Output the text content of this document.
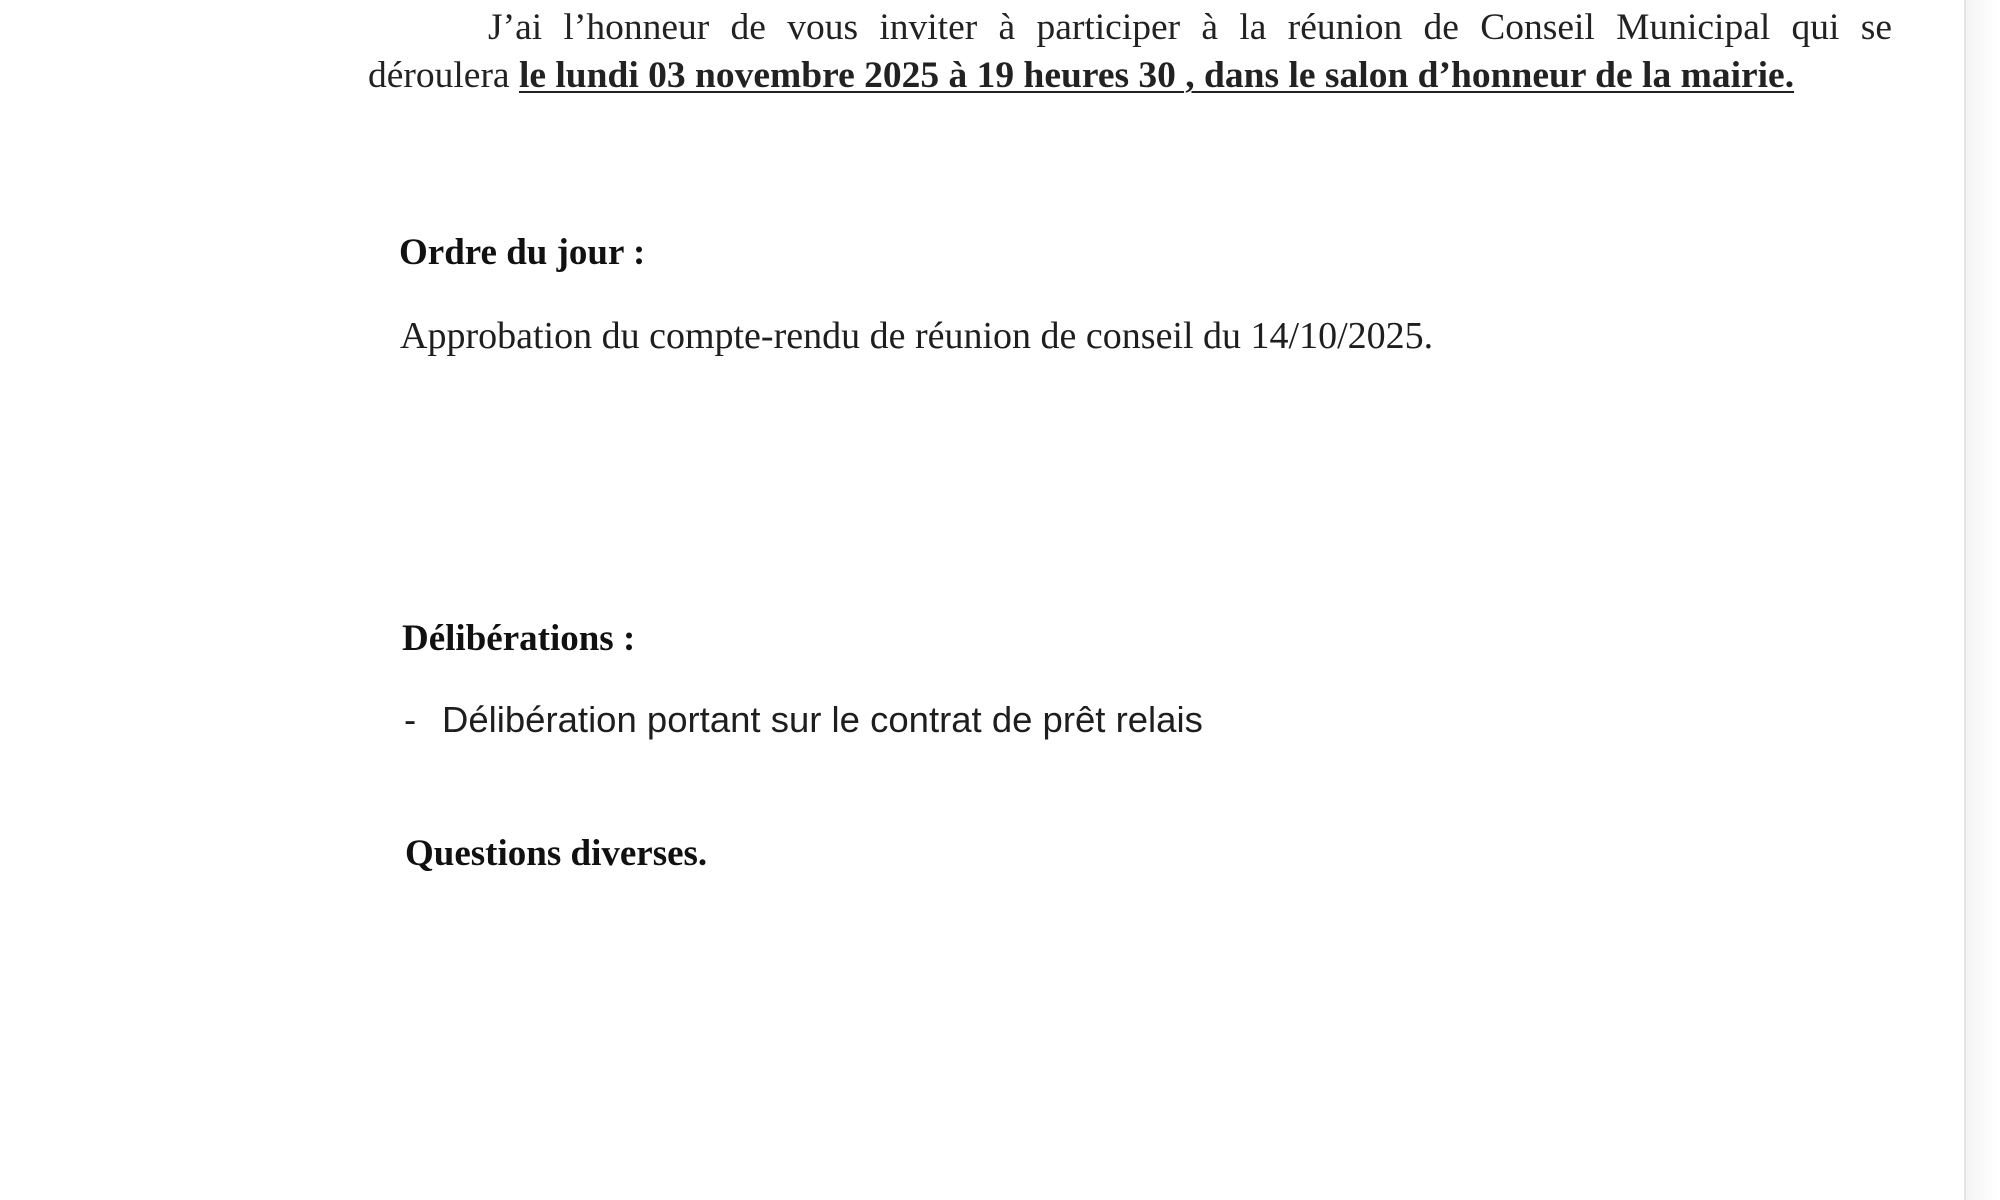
J’ai l’honneur de vous inviter à participer à la réunion de Conseil Municipal qui se
déroulera le lundi 03 novembre 2025 à 19 heures 30 , dans le salon d’honneur de la mairie.

Ordre du jour :

Approbation du compte-rendu de réunion de conseil du 14/10/2025.

Délibérations :

- Délibération portant sur le contrat de prêt relais

Questions diverses.
